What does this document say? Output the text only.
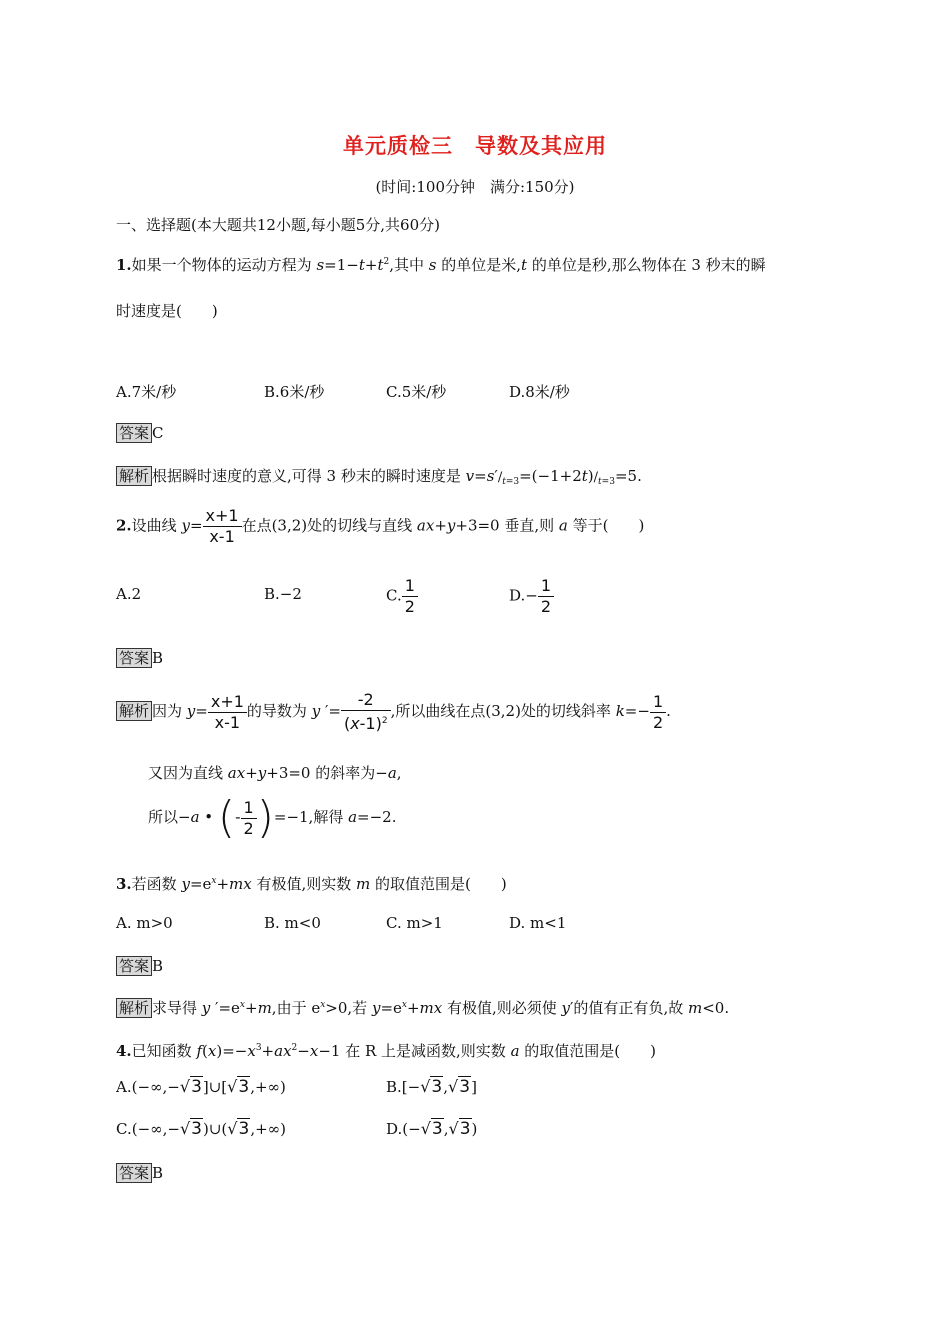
单元质检三　导数及其应用
(时间:100分钟　满分:150分)
一、选择题(本大题共12小题,每小题5分,共60分)
1.如果一个物体的运动方程为 $s=1-t+t^2$,其中 s 的单位是米,t 的单位是秒,那么物体在 3 秒末的瞬
时速度是(　　)
A.7米/秒	B.6米/秒	C.5米/秒	D.8米/秒
答案 C
解析 根据瞬时速度的意义,可得 3 秒末的瞬时速度是 $v=s'/_{t=3}=(-1+2t)/_{t=3}=5$.
2.设曲线 $y= \frac{x+1}{x-1}$ 在点(3,2)处的切线与直线 ax+y+3=0 垂直,则 a 等于(　　)
A.2	B.−2	C. $\frac{1}{2}$	$D.- \frac{1}{2}$
答案 B
解析 因为 $y= \frac{x+1}{x-1}$ 的导数为 y ′= $\frac{-2}{(x-1)^2}$ ,所以曲线在点(3,2)处的切线斜率 $k=- \frac{1}{2}$ .
又因为直线 ax+y+3=0 的斜率为−a,
所以−a • (- $\frac{1}{2} )=-1$,解得 a=−2.
3.若函数 $y=e^x+mx$ 有极值,则实数 m 的取值范围是(　　)
A. m>0	B. m<0	C. m>1	D. m<1
答案 B
解析 求导得 y $'=e^x+m$,由于 $e^x>0$,若 $y=e^x+mx$ 有极值,则必须使 y′的值有正有负,故 m<0.
4.已知函数 $f(x)=-x^3+ax^2-x-1$ 在 R 上是减函数,则实数 a 的取值范围是(　　)
A.(−∞,−√3]∪[√3,+∞)	B.[−√3,√3]
C.(−∞,−√3)∪(√3,+∞)	D.(−√3,√3)
答案 B
